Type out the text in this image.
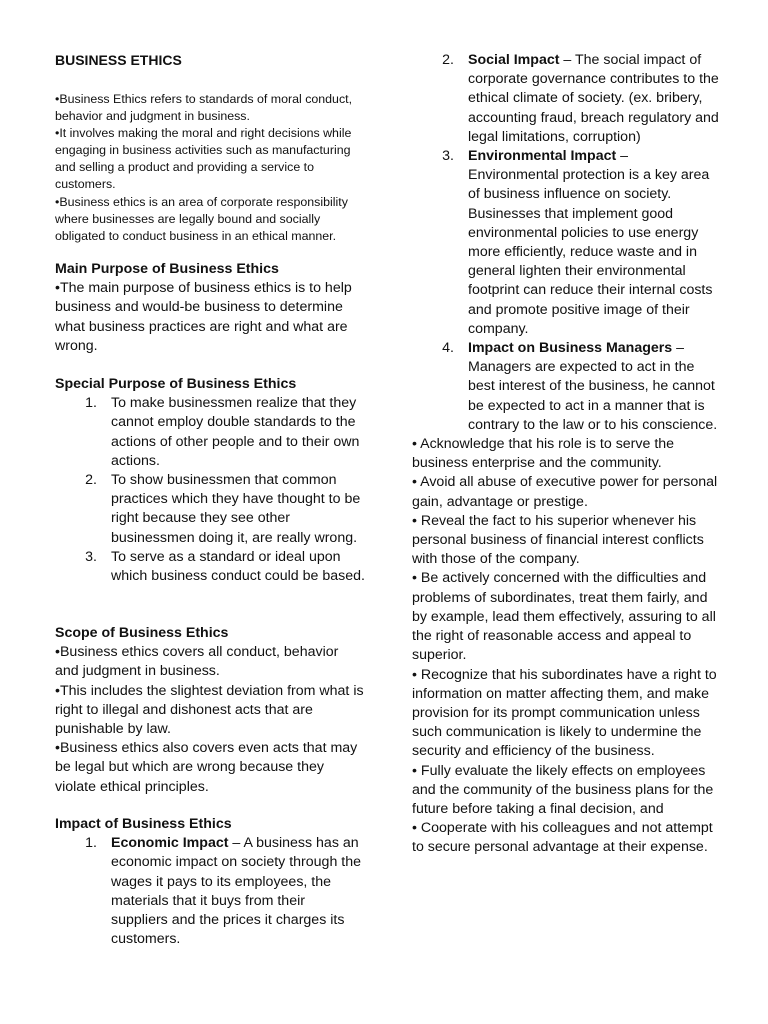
BUSINESS ETHICS

•Business Ethics refers to standards of moral conduct, behavior and judgment in business.

•It involves making the moral and right decisions while engaging in business activities such as manufacturing and selling a product and providing a service to customers.

•Business ethics is an area of corporate responsibility where businesses are legally bound and socially obligated to conduct business in an ethical manner.

Main Purpose of Business Ethics

•The main purpose of business ethics is to help business and would-be business to determine what business practices are right and what are wrong.

Special Purpose of Business Ethics
1. To make businessmen realize that they cannot employ double standards to the actions of other people and to their own actions.
2. To show businessmen that common practices which they have thought to be right because they see other businessmen doing it, are really wrong.
3. To serve as a standard or ideal upon which business conduct could be based.
Scope of Business Ethics

•Business ethics covers all conduct, behavior and judgment in business.

•This includes the slightest deviation from what is right to illegal and dishonest acts that are punishable by law.

•Business ethics also covers even acts that may be legal but which are wrong because they violate ethical principles.

Impact of Business Ethics
1. Economic Impact – A business has an economic impact on society through the wages it pays to its employees, the materials that it buys from their suppliers and the prices it charges its customers.
2. Social Impact – The social impact of corporate governance contributes to the ethical climate of society. (ex. bribery, accounting fraud, breach regulatory and legal limitations, corruption)
3. Environmental Impact – Environmental protection is a key area of business influence on society. Businesses that implement good environmental policies to use energy more efficiently, reduce waste and in general lighten their environmental footprint can reduce their internal costs and promote positive image of their company.
4. Impact on Business Managers – Managers are expected to act in the best interest of the business, he cannot be expected to act in a manner that is contrary to the law or to his conscience.

• Acknowledge that his role is to serve the business enterprise and the community.

• Avoid all abuse of executive power for personal gain, advantage or prestige.

• Reveal the fact to his superior whenever his personal business of financial interest conflicts with those of the company.

• Be actively concerned with the difficulties and problems of subordinates, treat them fairly, and by example, lead them effectively, assuring to all the right of reasonable access and appeal to superior.

• Recognize that his subordinates have a right to information on matter affecting them, and make provision for its prompt communication unless such communication is likely to undermine the security and efficiency of the business.

• Fully evaluate the likely effects on employees and the community of the business plans for the future before taking a final decision, and

• Cooperate with his colleagues and not attempt to secure personal advantage at their expense.
